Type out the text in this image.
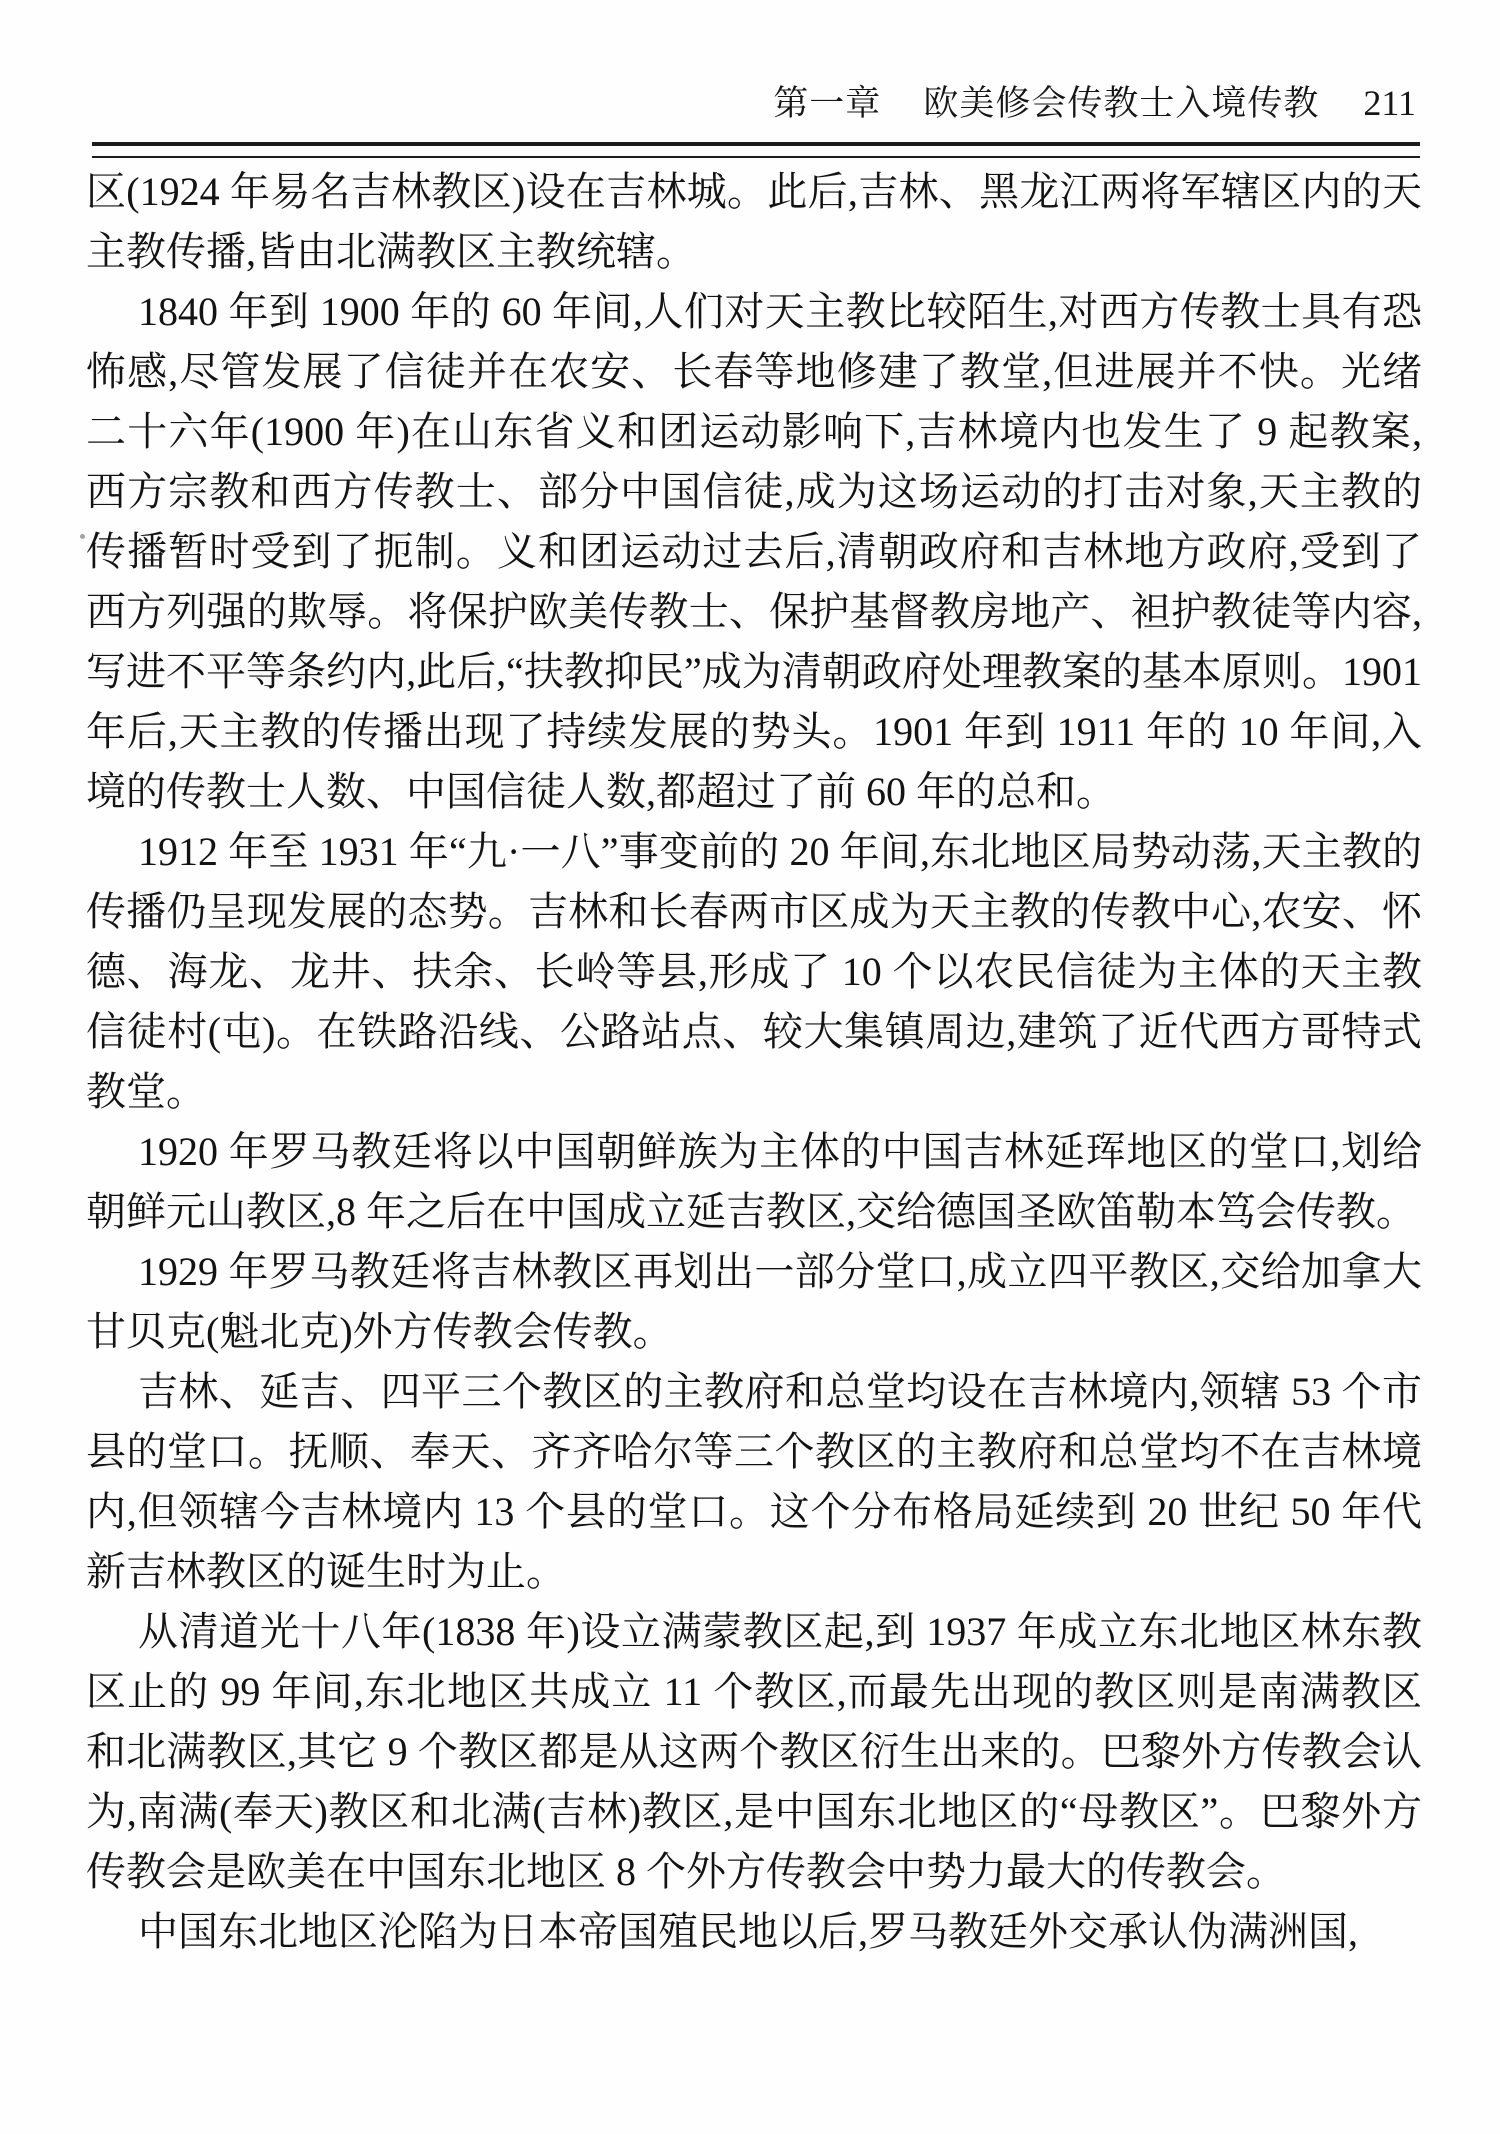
第一章 欧美修会传教士入境传教 211

区(1924 年易名吉林教区)设在吉林城。此后,吉林、黑龙江两将军辖区内的天主教传播,皆由北满教区主教统辖。

1840 年到 1900 年的 60 年间,人们对天主教比较陌生,对西方传教士具有恐怖感,尽管发展了信徒并在农安、长春等地修建了教堂,但进展并不快。光绪二十六年(1900 年)在山东省义和团运动影响下,吉林境内也发生了 9 起教案,西方宗教和西方传教士、部分中国信徒,成为这场运动的打击对象,天主教的传播暂时受到了扼制。义和团运动过去后,清朝政府和吉林地方政府,受到了西方列强的欺辱。将保护欧美传教士、保护基督教房地产、袒护教徒等内容,写进不平等条约内,此后,“扶教抑民”成为清朝政府处理教案的基本原则。1901 年后,天主教的传播出现了持续发展的势头。1901 年到 1911 年的 10 年间,入境的传教士人数、中国信徒人数,都超过了前 60 年的总和。

1912 年至 1931 年“九·一八”事变前的 20 年间,东北地区局势动荡,天主教的传播仍呈现发展的态势。吉林和长春两市区成为天主教的传教中心,农安、怀德、海龙、龙井、扶余、长岭等县,形成了 10 个以农民信徒为主体的天主教信徒村(屯)。在铁路沿线、公路站点、较大集镇周边,建筑了近代西方哥特式教堂。

1920 年罗马教廷将以中国朝鲜族为主体的中国吉林延珲地区的堂口,划给朝鲜元山教区,8 年之后在中国成立延吉教区,交给德国圣欧笛勒本笃会传教。

1929 年罗马教廷将吉林教区再划出一部分堂口,成立四平教区,交给加拿大甘贝克(魁北克)外方传教会传教。

吉林、延吉、四平三个教区的主教府和总堂均设在吉林境内,领辖 53 个市县的堂口。抚顺、奉天、齐齐哈尔等三个教区的主教府和总堂均不在吉林境内,但领辖今吉林境内 13 个县的堂口。这个分布格局延续到 20 世纪 50 年代新吉林教区的诞生时为止。

从清道光十八年(1838 年)设立满蒙教区起,到 1937 年成立东北地区林东教区止的 99 年间,东北地区共成立 11 个教区,而最先出现的教区则是南满教区和北满教区,其它 9 个教区都是从这两个教区衍生出来的。巴黎外方传教会认为,南满(奉天)教区和北满(吉林)教区,是中国东北地区的“母教区”。巴黎外方传教会是欧美在中国东北地区 8 个外方传教会中势力最大的传教会。

中国东北地区沦陷为日本帝国殖民地以后,罗马教廷外交承认伪满洲国,
